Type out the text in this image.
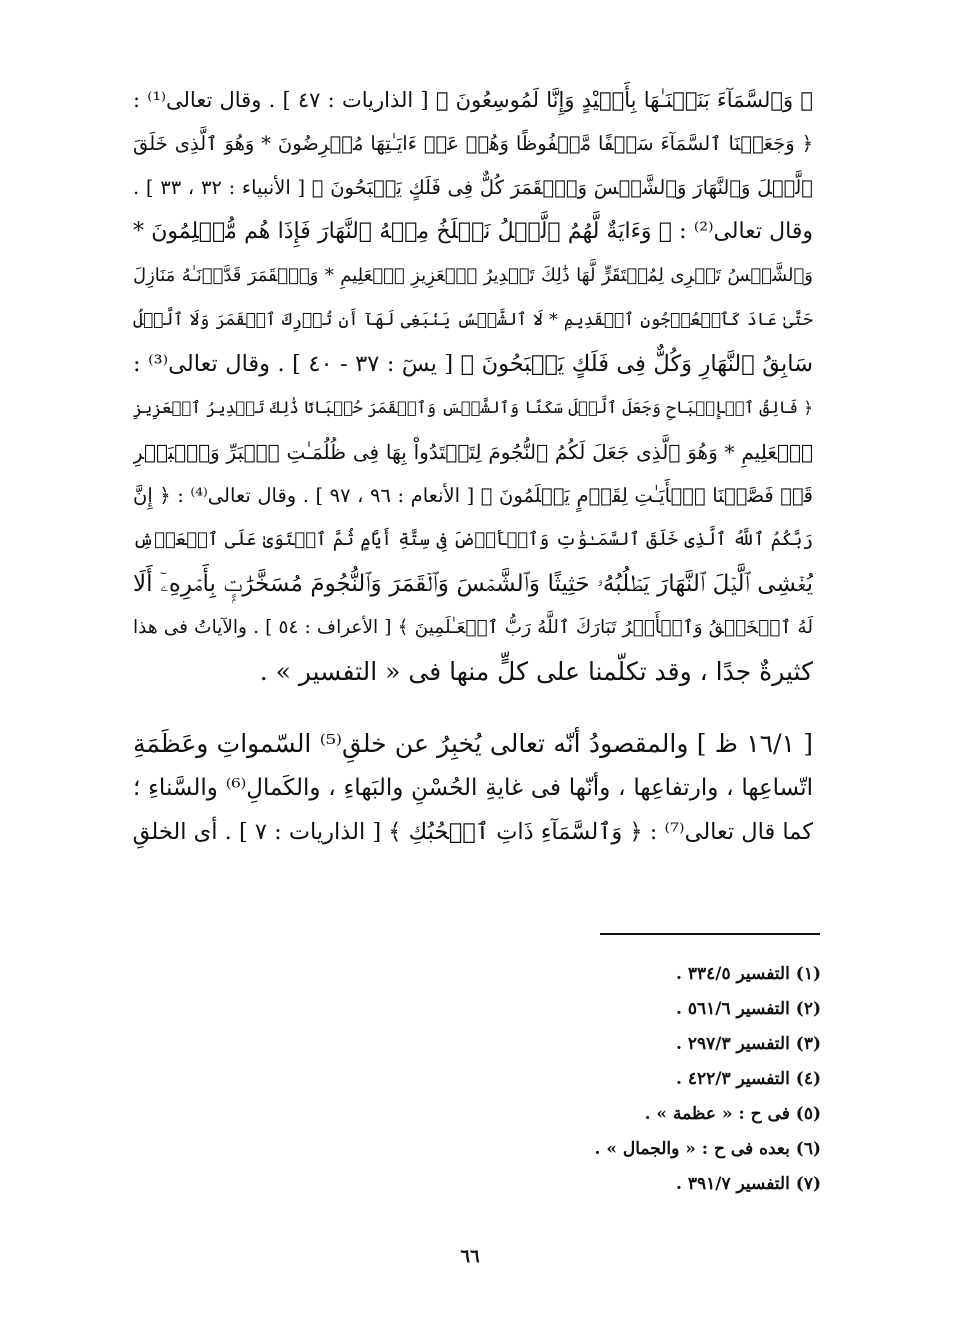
﴿ وَٱلسَّمَآءَ بَنَيۡنَـٰهَا بِأَيۡيْدٍ وَإِنَّا لَمُوسِعُونَ ﴾ [ الذاريات : ٤٧ ] . وقال تعالى⁽¹⁾ :
﴿ وَجَعَلۡنَا ٱلسَّمَآءَ سَقۡفًا مَّحۡفُوظًا وَهُمۡ عَنۡ ءَايَـٰتِهَا مُعۡرِضُونَ * وَهُوَ ٱلَّذِى خَلَقَ
ٱلَّيۡلَ وَٱلنَّهَارَ وَٱلشَّمۡسَ وَٱلۡقَمَرَ كُلٌّ فِى فَلَكٍ يَسۡبَحُونَ ﴾ [ الأنبياء : ٣٢ ، ٣٣ ] .
وقال تعالى⁽²⁾ : ﴿ وَءَايَةٌ لَّهُمُ ٱلَّيۡلُ نَسۡلَخُ مِنۡهُ ٱلنَّهَارَ فَإِذَا هُم مُّظۡلِمُونَ *
وَٱلشَّمۡسُ تَجۡرِى لِمُسۡتَقَرٍّ لَّهَا ذَٰلِكَ تَقۡدِيرُ ٱلۡعَزِيزِ ٱلۡعَلِيمِ * وَٱلۡقَمَرَ قَدَّرۡنَـٰهُ مَنَازِلَ
حَتَّىٰ عَادَ كَٱلۡعُرۡجُونِ ٱلۡقَدِيمِ * لَا ٱلشَّمۡسُ يَنۢبَغِى لَهَآ أَن تُدۡرِكَ ٱلۡقَمَرَ وَلَا ٱلَّيۡلُ
سَابِقُ ٱلنَّهَارِ وَكُلٌّ فِى فَلَكٍ يَسۡبَحُونَ ﴾ [ يسٓ : ٣٧ - ٤٠ ] . وقال تعالى⁽³⁾ :
﴿ فَالِقُ ٱلۡإِصۡبَاحِ وَجَعَلَ ٱلَّيۡلَ سَكَنًا وَٱلشَّمۡسَ وَٱلۡقَمَرَ حُسۡبَانًا ذَٰلِكَ تَقۡدِيرُ ٱلۡعَزِيزِ
ٱلۡعَلِيمِ * وَهُوَ ٱلَّذِى جَعَلَ لَكُمُ ٱلنُّجُومَ لِتَهۡتَدُواْ بِهَا فِى ظُلُمَـٰتِ ٱلۡبَرِّ وَٱلۡبَحۡرِ
قَدۡ فَصَّلۡنَا ٱلۡأَيَـٰتِ لِقَوۡمٍ يَعۡلَمُونَ ﴾ [ الأنعام : ٩٦ ، ٩٧ ] . وقال تعالى⁽⁴⁾ : ﴿ إِنَّ
رَبَّكُمُ ٱللَّهُ ٱلَّذِى خَلَقَ ٱلسَّمَـٰوَٰتِ وَٱلۡأَرۡضَ فِى سِتَّةِ أَيَّامٍ ثُمَّ ٱسۡتَوَىٰ عَلَى ٱلۡعَرۡشِ
يُغۡشِى ٱلَّيۡلَ ٱلنَّهَارَ يَطۡلُبُهُۥ حَثِيثًا وَٱلشَّمۡسَ وَٱلۡقَمَرَ وَٱلنُّجُومَ مُسَخَّرَٰتٍۭ بِأَمۡرِهِۦٓ أَلَا
لَهُ ٱلۡخَلۡقُ وَٱلۡأَمۡرُ تَبَارَكَ ٱللَّهُ رَبُّ ٱلۡعَـٰلَمِينَ ﴾ [ الأعراف : ٥٤ ] . والآياتُ فى هذا
كثيرةٌ جدًا ، وقد تكلّمنا على كلٍّ منها فى « التفسير » .
[ ١٦/١ ظ ] والمقصودُ أنّه تعالى يُخبِرُ عن خلقِ⁽⁵⁾ السّمواتِ وعَظَمَةِ
اتّساعِها ، وارتفاعِها ، وأنّها فى غايةِ الحُسْنِ والبَهاءِ ، والكَمالِ⁽⁶⁾ والسَّناءِ ؛
كما قال تعالى⁽⁷⁾ : ﴿ وَٱلسَّمَآءِ ذَاتِ ٱلۡحُبُكِ ﴾ [ الذاريات : ٧ ] . أى الخلقِ
(١) التفسير ٣٣٤/٥ .
(٢) التفسير ٥٦١/٦ .
(٣) التفسير ٢٩٧/٣ .
(٤) التفسير ٤٢٢/٣ .
(٥) فى ح : « عظمة » .
(٦) بعده فى ح : « والجمال » .
(٧) التفسير ٣٩١/٧ .
٦٦
